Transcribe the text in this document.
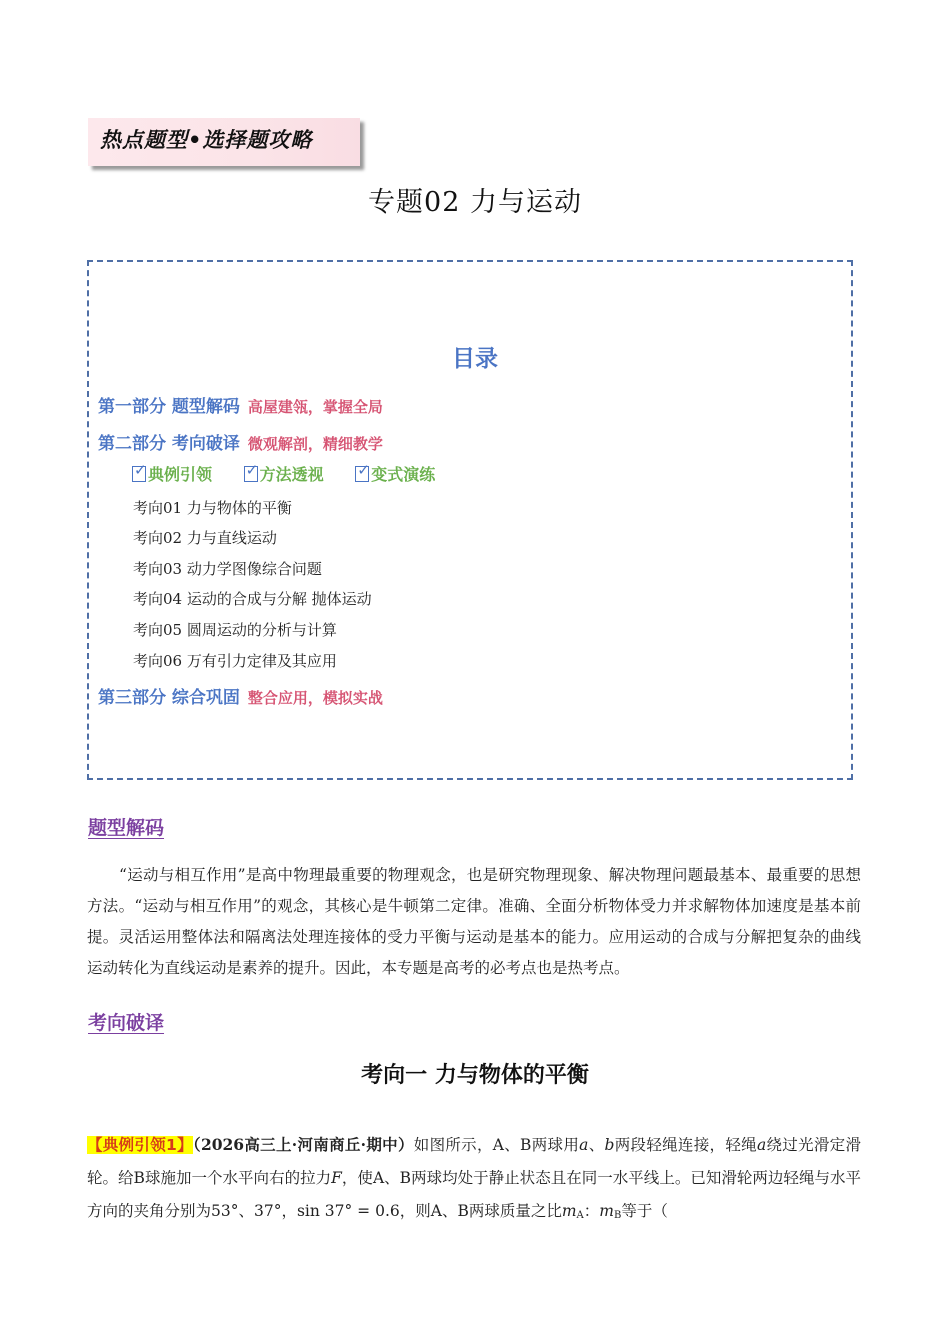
热点题型•选择题攻略
专题02 力与运动
目录
第一部分 题型解码 高屋建瓴，掌握全局
第二部分 考向破译 微观解剖，精细教学
✓典例引领 ✓	方法透视 ✓	变式演练
考向01 力与物体的平衡
考向02 力与直线运动
考向03 动力学图像综合问题
考向04 运动的合成与分解 抛体运动
考向05 圆周运动的分析与计算
考向06 万有引力定律及其应用
第三部分 综合巩固 整合应用，模拟实战
题型解码
“运动与相互作用”是高中物理最重要的物理观念，也是研究物理现象、解决物理问题最基本、最重要的思想方法。“运动与相互作用”的观念，其核心是牛顿第二定律。准确、全面分析物体受力并求解物体加速度是基本前提。灵活运用整体法和隔离法处理连接体的受力平衡与运动是基本的能力。应用运动的合成与分解把复杂的曲线运动转化为直线运动是素养的提升。因此，本专题是高考的必考点也是热考点。
考向破译
考向一 力与物体的平衡
【典例引领1】（2026高三上·河南商丘·期中）如图所示，A、B两球用a、b两段轻绳连接，轻绳a绕过光滑定滑轮。给B球施加一个水平向右的拉力F，使A、B两球均处于静止状态且在同一水平线上。已知滑轮两边轻绳与水平方向的夹角分别为53°、37°，sin 37° = 0.6，则A、B两球质量之比mA：mB等于（
